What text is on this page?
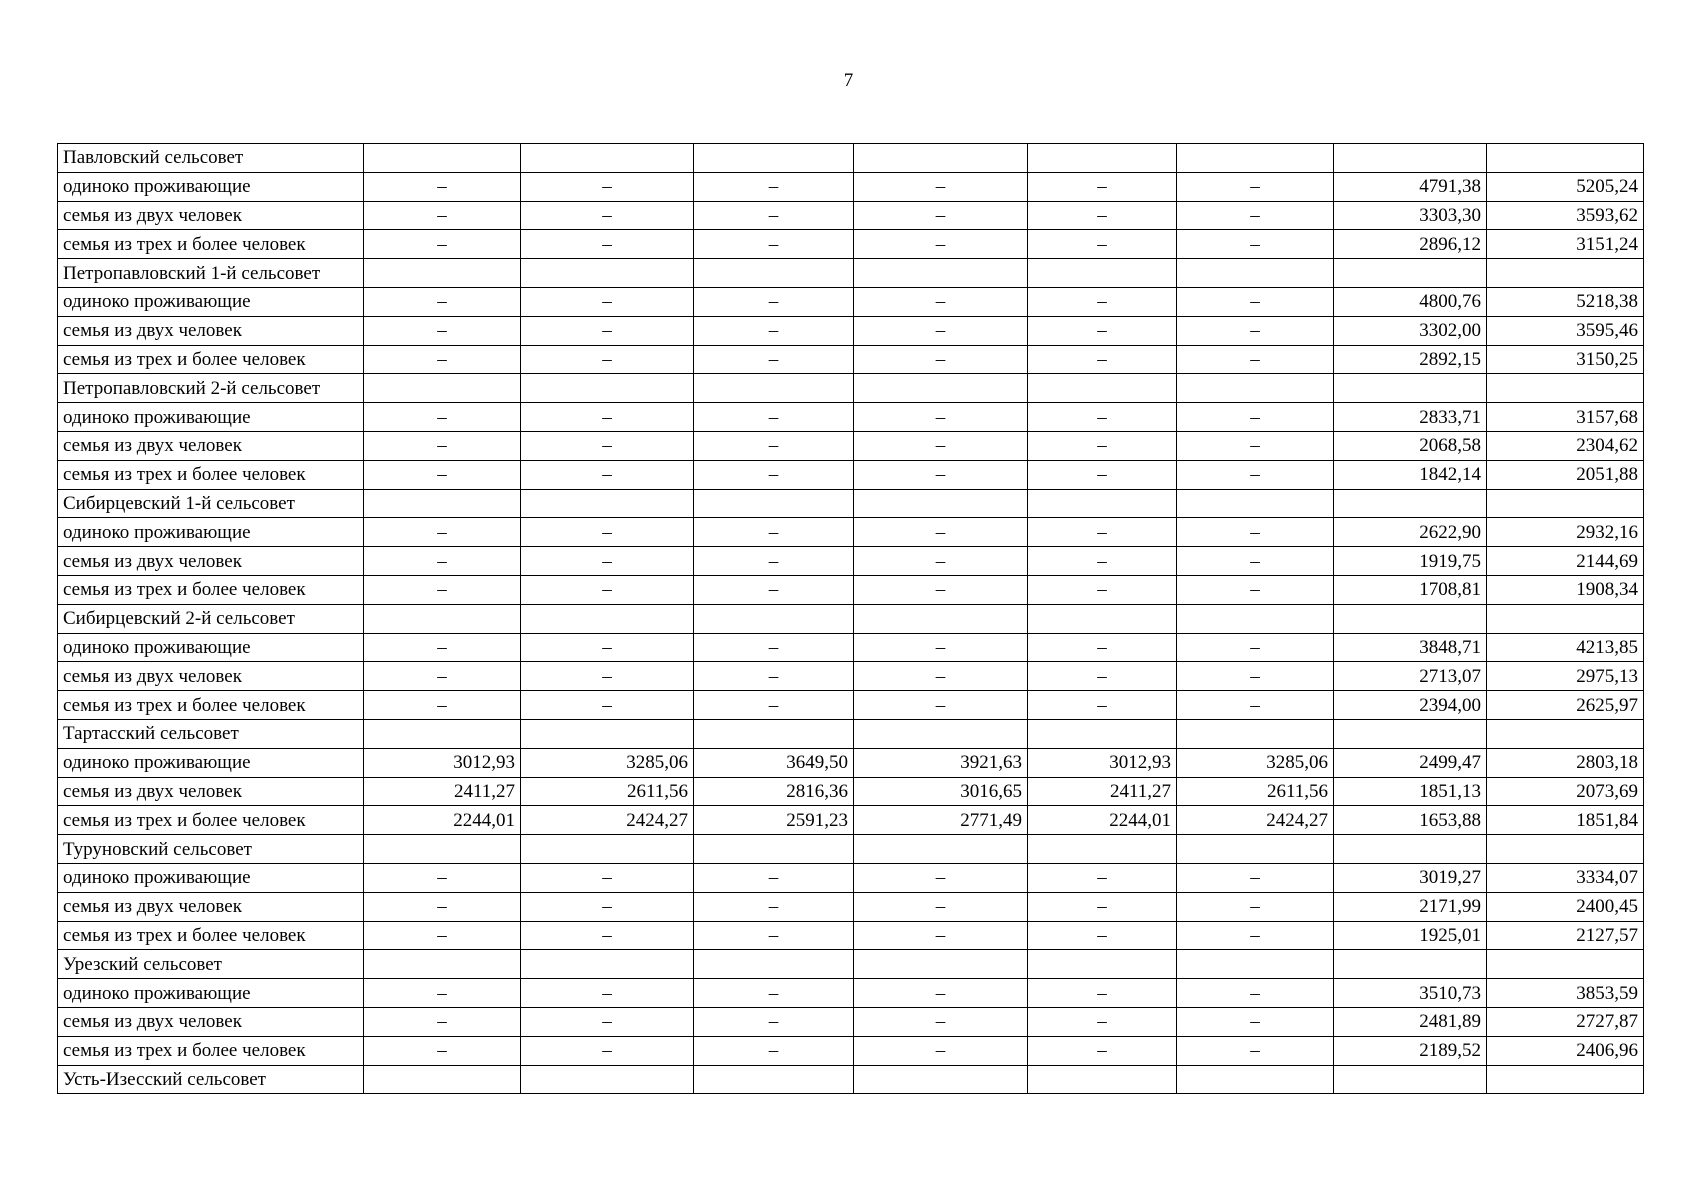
7
Павловский сельсовет								
одиноко проживающие	–	–	–	–	–	–	4791,38	5205,24
семья из двух человек	–	–	–	–	–	–	3303,30	3593,62
семья из трех и более человек	–	–	–	–	–	–	2896,12	3151,24
Петропавловский 1-й сельсовет								
одиноко проживающие	–	–	–	–	–	–	4800,76	5218,38
семья из двух человек	–	–	–	–	–	–	3302,00	3595,46
семья из трех и более человек	–	–	–	–	–	–	2892,15	3150,25
Петропавловский 2-й сельсовет								
одиноко проживающие	–	–	–	–	–	–	2833,71	3157,68
семья из двух человек	–	–	–	–	–	–	2068,58	2304,62
семья из трех и более человек	–	–	–	–	–	–	1842,14	2051,88
Сибирцевский 1-й сельсовет								
одиноко проживающие	–	–	–	–	–	–	2622,90	2932,16
семья из двух человек	–	–	–	–	–	–	1919,75	2144,69
семья из трех и более человек	–	–	–	–	–	–	1708,81	1908,34
Сибирцевский 2-й сельсовет								
одиноко проживающие	–	–	–	–	–	–	3848,71	4213,85
семья из двух человек	–	–	–	–	–	–	2713,07	2975,13
семья из трех и более человек	–	–	–	–	–	–	2394,00	2625,97
Тартасский сельсовет								
одиноко проживающие	3012,93	3285,06	3649,50	3921,63	3012,93	3285,06	2499,47	2803,18
семья из двух человек	2411,27	2611,56	2816,36	3016,65	2411,27	2611,56	1851,13	2073,69
семья из трех и более человек	2244,01	2424,27	2591,23	2771,49	2244,01	2424,27	1653,88	1851,84
Туруновский сельсовет								
одиноко проживающие	–	–	–	–	–	–	3019,27	3334,07
семья из двух человек	–	–	–	–	–	–	2171,99	2400,45
семья из трех и более человек	–	–	–	–	–	–	1925,01	2127,57
Урезский сельсовет								
одиноко проживающие	–	–	–	–	–	–	3510,73	3853,59
семья из двух человек	–	–	–	–	–	–	2481,89	2727,87
семья из трех и более человек	–	–	–	–	–	–	2189,52	2406,96
Усть-Изесский сельсовет								
